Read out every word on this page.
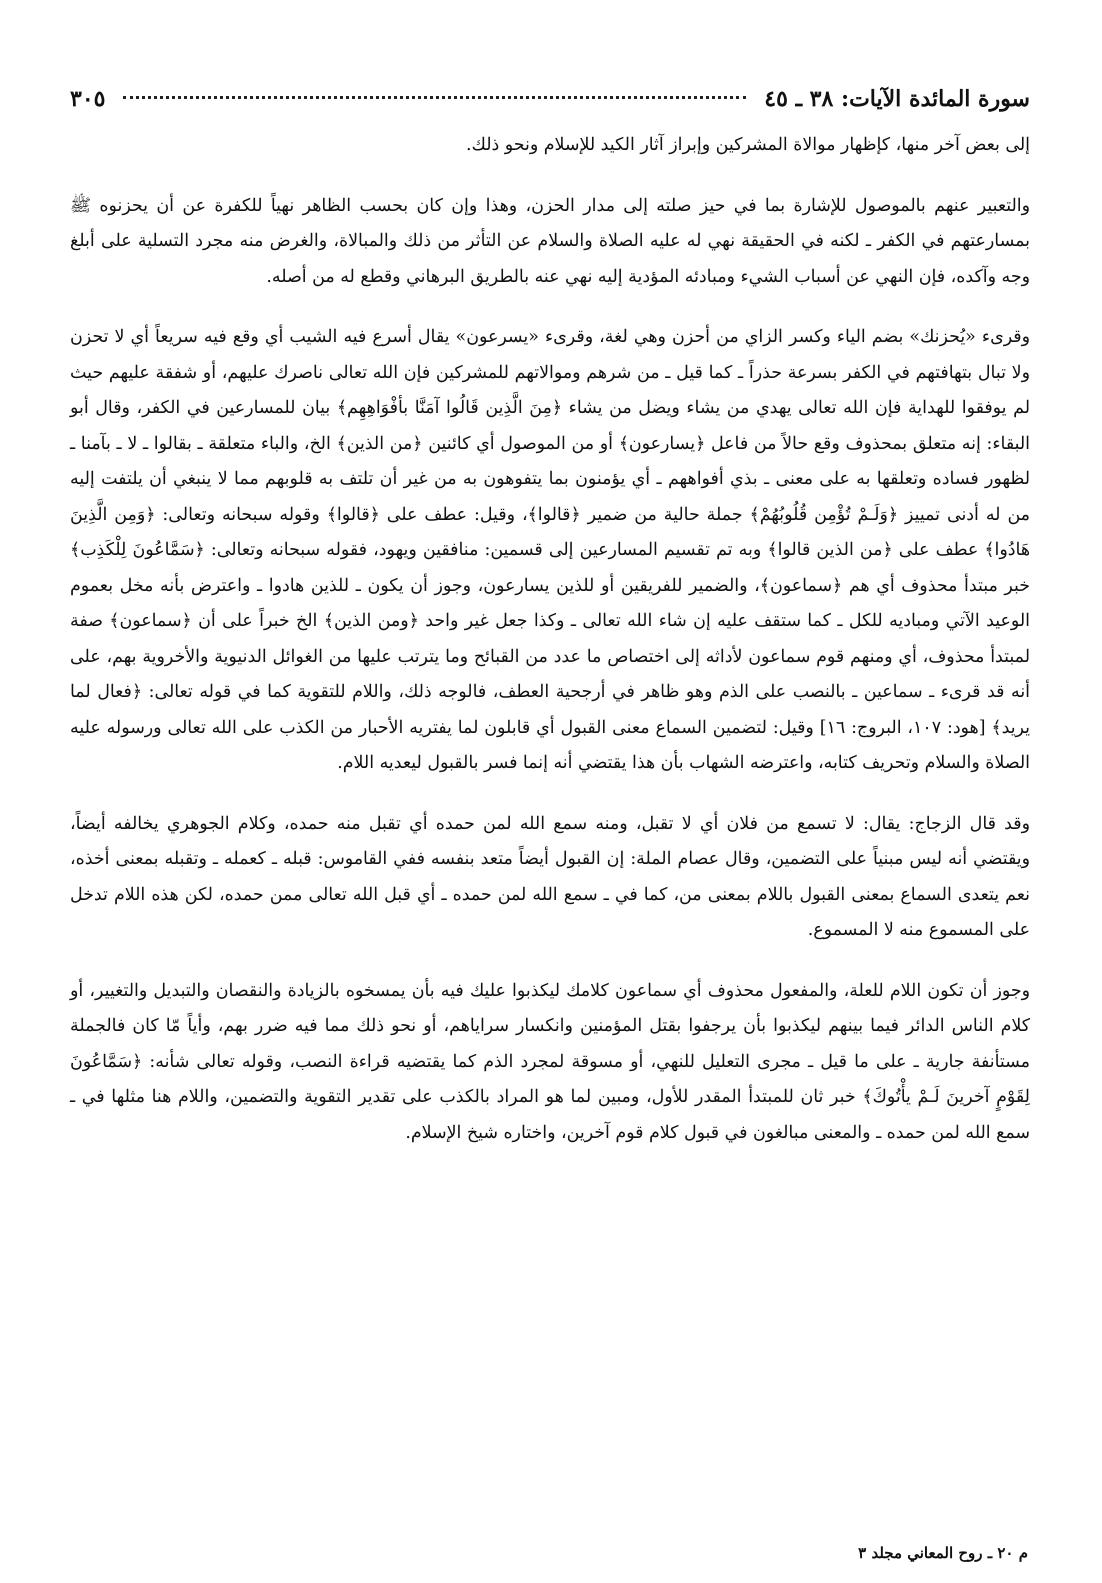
سورة المائدة الآيات: ٣٨ ـ ٤٥
٣٠٥

إلى بعض آخر منها، كإظهار موالاة المشركين وإبراز آثار الكيد للإسلام ونحو ذلك.

والتعبير عنهم بالموصول للإشارة بما في حيز صلته إلى مدار الحزن، وهذا وإن كان بحسب الظاهر نهياً للكفرة عن أن يحزنوه ﷺ بمسارعتهم في الكفر ـ لكنه في الحقيقة نهي له عليه الصلاة والسلام عن التأثر من ذلك والمبالاة، والغرض منه مجرد التسلية على أبلغ وجه وآكده، فإن النهي عن أسباب الشيء ومبادئه المؤدية إليه نهي عنه بالطريق البرهاني وقطع له من أصله.

وقرىء «يُحزنك» بضم الياء وكسر الزاي من أحزن وهي لغة، وقرىء «يسرعون» يقال أسرع فيه الشيب أي وقع فيه سريعاً أي لا تحزن ولا تبال بتهافتهم في الكفر بسرعة حذراً ـ كما قيل ـ من شرهم وموالاتهم للمشركين فإن الله تعالى ناصرك عليهم، أو شفقة عليهم حيث لم يوفقوا للهداية فإن الله تعالى يهدي من يشاء ويضل من يشاء ﴿مِنَ الَّذِين قَالُوا آمَنَّا بأفْوَاهِهِم﴾ بيان للمسارعين في الكفر، وقال أبو البقاء: إنه متعلق بمحذوف وقع حالاً من فاعل ﴿يسارعون﴾ أو من الموصول أي كائنين ﴿من الذين﴾ الخ، والباء متعلقة ـ بقالوا ـ لا ـ بآمنا ـ لظهور فساده وتعلقها به على معنى ـ بذي أفواههم ـ أي يؤمنون بما يتفوهون به من غير أن تلتف به قلوبهم مما لا ينبغي أن يلتفت إليه من له أدنى تمييز ﴿وَلَـمْ تُؤْمِن قُلُوبُهُمْ﴾ جملة حالية من ضمير ﴿قالوا﴾، وقيل: عطف على ﴿قالوا﴾ وقوله سبحانه وتعالى: ﴿وَمِن الَّذِينَ هَادُوا﴾ عطف على ﴿من الذين قالوا﴾ وبه تم تقسيم المسارعين إلى قسمين: منافقين ويهود، فقوله سبحانه وتعالى: ﴿سَمَّاعُونَ لِلْكَذِب﴾ خبر مبتدأ محذوف أي هم ﴿سماعون﴾، والضمير للفريقين أو للذين يسارعون، وجوز أن يكون ـ للذين هادوا ـ واعترض بأنه مخل بعموم الوعيد الآتي ومباديه للكل ـ كما ستقف عليه إن شاء الله تعالى ـ وكذا جعل غير واحد ﴿ومن الذين﴾ الخ خبراً على أن ﴿سماعون﴾ صفة لمبتدأ محذوف، أي ومنهم قوم سماعون لأداثه إلى اختصاص ما عدد من القبائح وما يترتب عليها من الغوائل الدنيوية والأخروية بهم، على أنه قد قرىء ـ سماعين ـ بالنصب على الذم وهو ظاهر في أرجحية العطف، فالوجه ذلك، واللام للتقوية كما في قوله تعالى: ﴿فعال لما يريد﴾ [هود: ١٠٧، البروج: ١٦] وقيل: لتضمين السماع معنى القبول أي قابلون لما يفتريه الأحبار من الكذب على الله تعالى ورسوله عليه الصلاة والسلام وتحريف كتابه، واعترضه الشهاب بأن هذا يقتضي أنه إنما فسر بالقبول ليعديه اللام.

وقد قال الزجاج: يقال: لا تسمع من فلان أي لا تقبل، ومنه سمع الله لمن حمده أي تقبل منه حمده، وكلام الجوهري يخالفه أيضاً، ويقتضي أنه ليس مبنياً على التضمين، وقال عصام الملة: إن القبول أيضاً متعد بنفسه ففي القاموس: قبله ـ كعمله ـ وتقبله بمعنى أخذه، نعم يتعدى السماع بمعنى القبول باللام بمعنى من، كما في ـ سمع الله لمن حمده ـ أي قبل الله تعالى ممن حمده، لكن هذه اللام تدخل على المسموع منه لا المسموع.

وجوز أن تكون اللام للعلة، والمفعول محذوف أي سماعون كلامك ليكذبوا عليك فيه بأن يمسخوه بالزيادة والنقصان والتبديل والتغيير، أو كلام الناس الدائر فيما بينهم ليكذبوا بأن يرجفوا بقتل المؤمنين وانكسار سراياهم، أو نحو ذلك مما فيه ضرر بهم، وأياً مّا كان فالجملة مستأنفة جارية ـ على ما قيل ـ مجرى التعليل للنهي، أو مسوقة لمجرد الذم كما يقتضيه قراءة النصب، وقوله تعالى شأنه: ﴿سَمَّاعُونَ لِقَوْمٍ آخرينَ لَـمْ يأْتُوكَ﴾ خبر ثان للمبتدأ المقدر للأول، ومبين لما هو المراد بالكذب على تقدير التقوية والتضمين، واللام هنا مثلها في ـ سمع الله لمن حمده ـ والمعنى مبالغون في قبول كلام قوم آخرين، واختاره شيخ الإسلام.

م ٢٠ ـ روح المعاني مجلد ٣
